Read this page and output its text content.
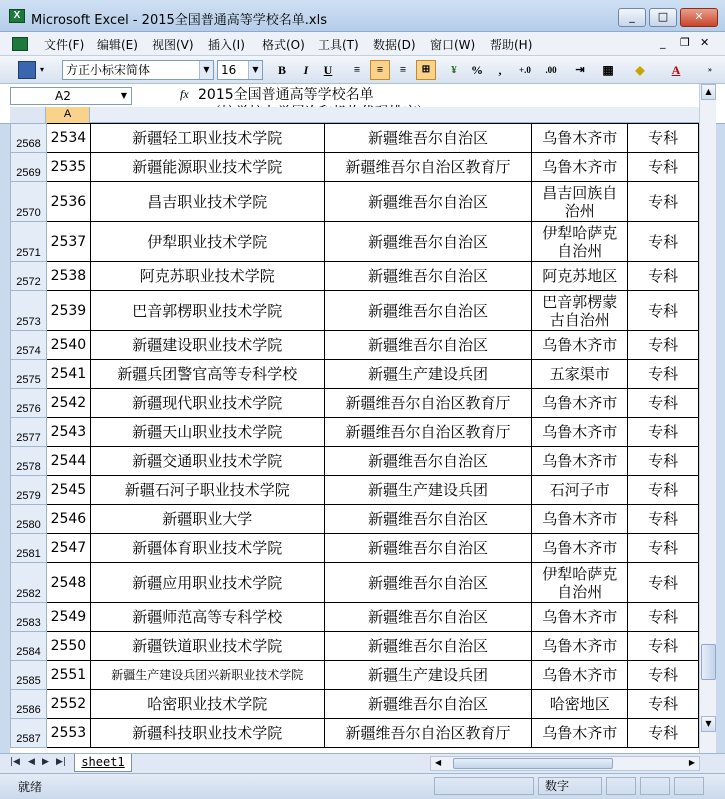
X Microsoft Excel - 2015全国普通高等学校名单.xls	_	□	✕
文件(F) 编辑(E) 视图(V) 插入(I) 格式(O) 工具(T) 数据(D) 窗口(W) 帮助(H)	_ ❐ ✕
▾	方正小标宋简体	▼ 16	▼	B	I	U	≡	≡	≡	⊞	¥	%	,	+.0	.00	⇥	▦	◆	A	»
A2	▼	fx 2015全国普通高等学校名单

A
2568	2534	新疆轻工职业技术学院	新疆维吾尔自治区	乌鲁木齐市	专科
2569	2535	新疆能源职业技术学院	新疆维吾尔自治区教育厅	乌鲁木齐市	专科
2570	2536	昌吉职业技术学院	新疆维吾尔自治区	昌吉回族自治州	专科
2571	2537	伊犁职业技术学院	新疆维吾尔自治区	伊犁哈萨克自治州	专科
2572	2538	阿克苏职业技术学院	新疆维吾尔自治区	阿克苏地区	专科
2573	2539	巴音郭楞职业技术学院	新疆维吾尔自治区	巴音郭楞蒙古自治州	专科
2574	2540	新疆建设职业技术学院	新疆维吾尔自治区	乌鲁木齐市	专科
2575	2541	新疆兵团警官高等专科学校	新疆生产建设兵团	五家渠市	专科
2576	2542	新疆现代职业技术学院	新疆维吾尔自治区教育厅	乌鲁木齐市	专科
2577	2543	新疆天山职业技术学院	新疆维吾尔自治区教育厅	乌鲁木齐市	专科
2578	2544	新疆交通职业技术学院	新疆维吾尔自治区	乌鲁木齐市	专科
2579	2545	新疆石河子职业技术学院	新疆生产建设兵团	石河子市	专科
2580	2546	新疆职业大学	新疆维吾尔自治区	乌鲁木齐市	专科
2581	2547	新疆体育职业技术学院	新疆维吾尔自治区	乌鲁木齐市	专科
2582	2548	新疆应用职业技术学院	新疆维吾尔自治区	伊犁哈萨克自治州	专科
2583	2549	新疆师范高等专科学校	新疆维吾尔自治区	乌鲁木齐市	专科
2584	2550	新疆铁道职业技术学院	新疆维吾尔自治区	乌鲁木齐市	专科
2585	2551	新疆生产建设兵团兴新职业技术学院	新疆生产建设兵团	乌鲁木齐市	专科
2586	2552	哈密职业技术学院	新疆维吾尔自治区	哈密地区	专科
2587	2553	新疆科技职业技术学院	新疆维吾尔自治区教育厅	乌鲁木齐市	专科
▲
▼
|◀ ◀ ▶ ▶|	sheet1	◀	▶
就绪	数字
